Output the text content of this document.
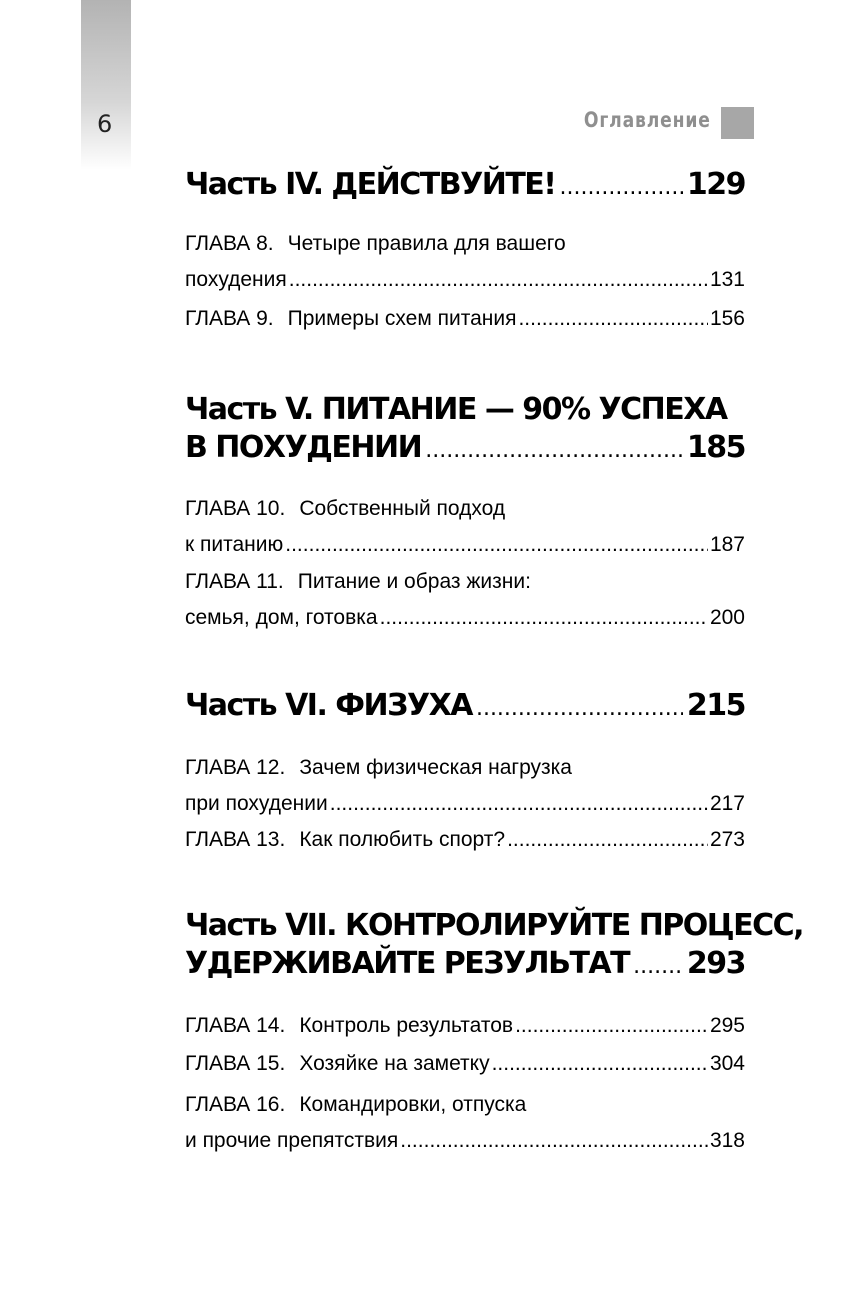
6	Оглавление
Часть IV. ДЕЙСТВУЙТЕ! .....	129
ГЛАВА 8. Четыре правила для вашего
похудения .....	131
ГЛАВА 9. Примеры схем питания .....	156
Часть V. ПИТАНИЕ — 90% УСПЕХА
В ПОХУДЕНИИ .....	185
ГЛАВА 10. Собственный подход
к питанию .....	187
ГЛАВА 11. Питание и образ жизни:
семья, дом, готовка .....	200
Часть VI. ФИЗУХА .....	215
ГЛАВА 12. Зачем физическая нагрузка
при похудении .....	217
ГЛАВА 13. Как полюбить спорт? .....	273
Часть VII. КОНТРОЛИРУЙТЕ ПРОЦЕСС,
УДЕРЖИВАЙТЕ РЕЗУЛЬТАТ ..... 293
ГЛАВА 14. Контроль результатов .....	295
ГЛАВА 15. Хозяйке на заметку .....	304
ГЛАВА 16. Командировки, отпуска
и прочие препятствия .....	318
